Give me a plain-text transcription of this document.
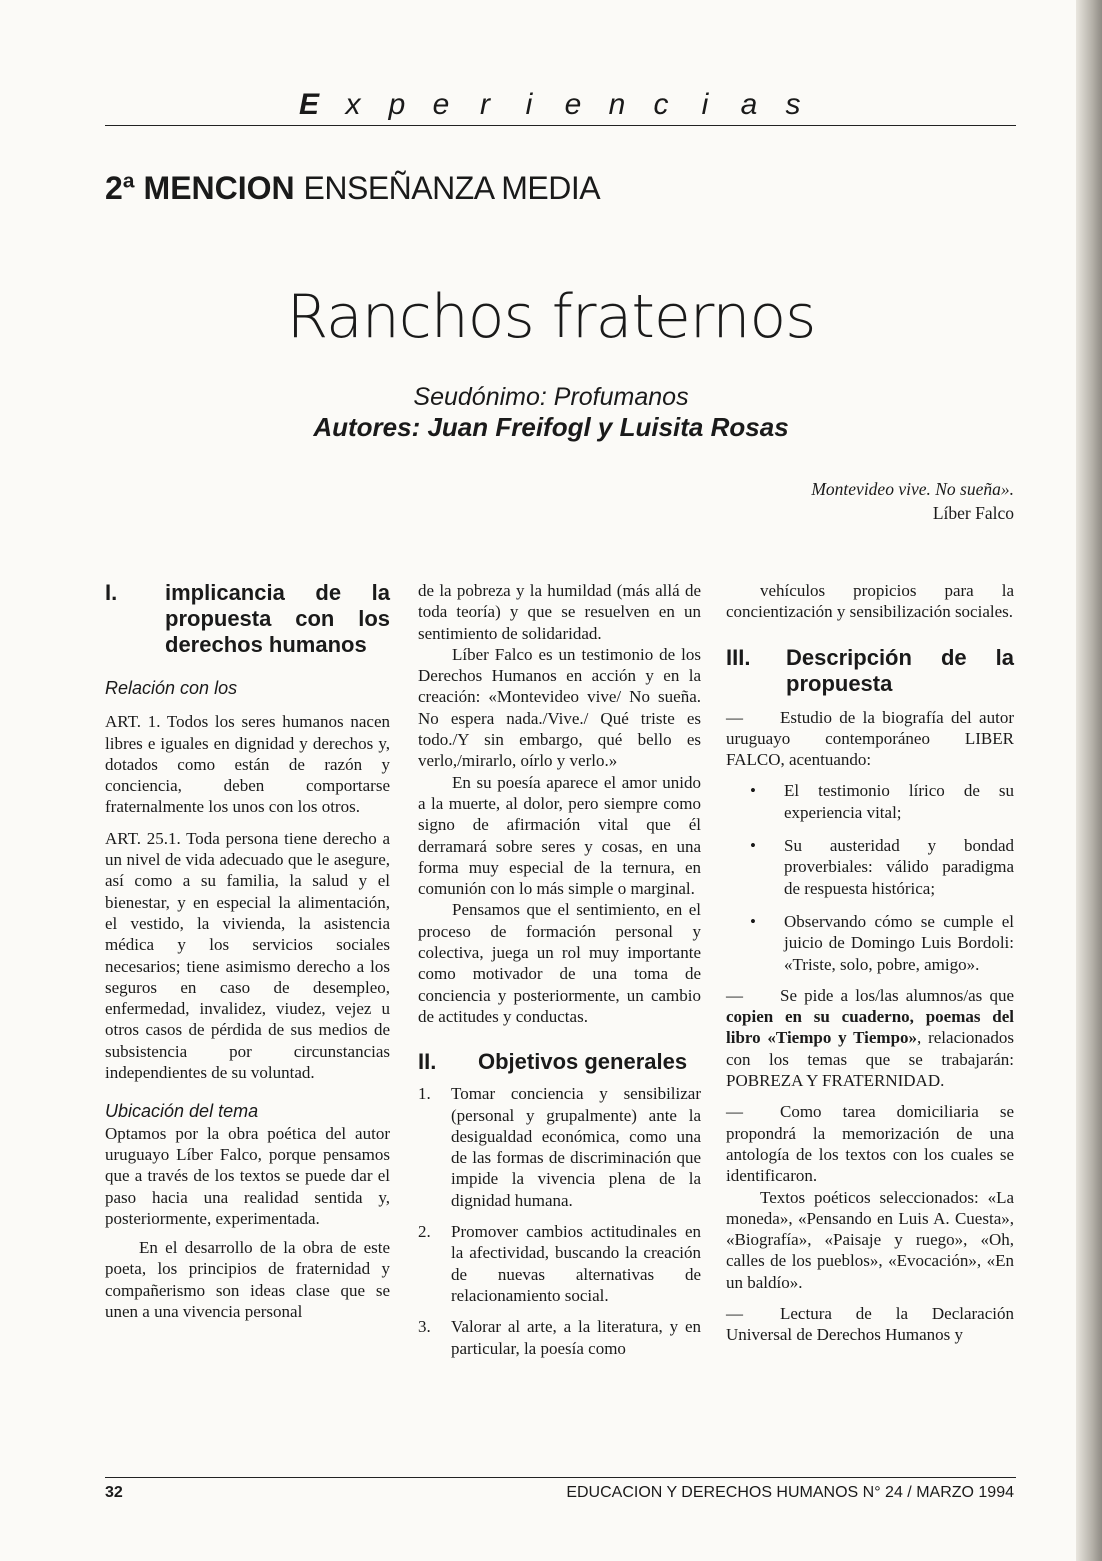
E x p e r i e n c i a s
2ª MENCION ENSEÑANZA MEDIA
Ranchos fraternos
Seudónimo: Profumanos
Autores: Juan Freifogl y Luisita Rosas
Montevideo vive. No sueña».
Líber Falco
I. implicancia de la propuesta con los derechos humanos

Relación con los

ART. 1. Todos los seres humanos nacen libres e iguales en dignidad y derechos y, dotados como están de razón y conciencia, deben comportarse fraternalmente los unos con los otros.

ART. 25.1. Toda persona tiene derecho a un nivel de vida adecuado que le asegure, así como a su familia, la salud y el bienestar, y en especial la alimentación, el vestido, la vivienda, la asistencia médica y los servicios sociales necesarios; tiene asimismo derecho a los seguros en caso de desempleo, enfermedad, invalidez, viudez, vejez u otros casos de pérdida de sus medios de subsistencia por circunstancias independientes de su voluntad.

Ubicación del tema

Optamos por la obra poética del autor uruguayo Líber Falco, porque pensamos que a través de los textos se puede dar el paso hacia una realidad sentida y, posteriormente, experimentada.

En el desarrollo de la obra de este poeta, los principios de fraternidad y compañerismo son ideas clase que se unen a una vivencia personal

de la pobreza y la humildad (más allá de toda teoría) y que se resuelven en un sentimiento de solidaridad.

Líber Falco es un testimonio de los Derechos Humanos en acción y en la creación: «Montevideo vive/ No sueña. No espera nada./Vive./ Qué triste es todo./Y sin embargo, qué bello es verlo,/mirarlo, oírlo y verlo.»

En su poesía aparece el amor unido a la muerte, al dolor, pero siempre como signo de afirmación vital que él derramará sobre seres y cosas, en una forma muy especial de la ternura, en comunión con lo más simple o marginal.

Pensamos que el sentimiento, en el proceso de formación personal y colectiva, juega un rol muy importante como motivador de una toma de conciencia y posteriormente, un cambio de actitudes y conductas.

II. Objetivos generales
1. Tomar conciencia y sensibilizar (personal y grupalmente) ante la desigualdad económica, como una de las formas de discriminación que impide la vivencia plena de la dignidad humana.
2. Promover cambios actitudinales en la afectividad, buscando la creación de nuevas alternativas de relacionamiento social.
3. Valorar al arte, a la literatura, y en particular, la poesía como

vehículos propicios para la concientización y sensibilización sociales.

III. Descripción de la propuesta

— Estudio de la biografía del autor uruguayo contemporáneo LIBER FALCO, acentuando:

• El testimonio lírico de su experiencia vital;
• Su austeridad y bondad proverbiales: válido paradigma de respuesta histórica;
• Observando cómo se cumple el juicio de Domingo Luis Bordoli: «Triste, solo, pobre, amigo».

— Se pide a los/las alumnos/as que copien en su cuaderno, poemas del libro «Tiempo y Tiempo», relacionados con los temas que se trabajarán: POBREZA Y FRATERNIDAD.

— Como tarea domiciliaria se propondrá la memorización de una antología de los textos con los cuales se identificaron.

Textos poéticos seleccionados: «La moneda», «Pensando en Luis A. Cuesta», «Biografía», «Paisaje y ruego», «Oh, calles de los pueblos», «Evocación», «En un baldío».

— Lectura de la Declaración Universal de Derechos Humanos y

32	EDUCACION Y DERECHOS HUMANOS N° 24 / MARZO 1994
